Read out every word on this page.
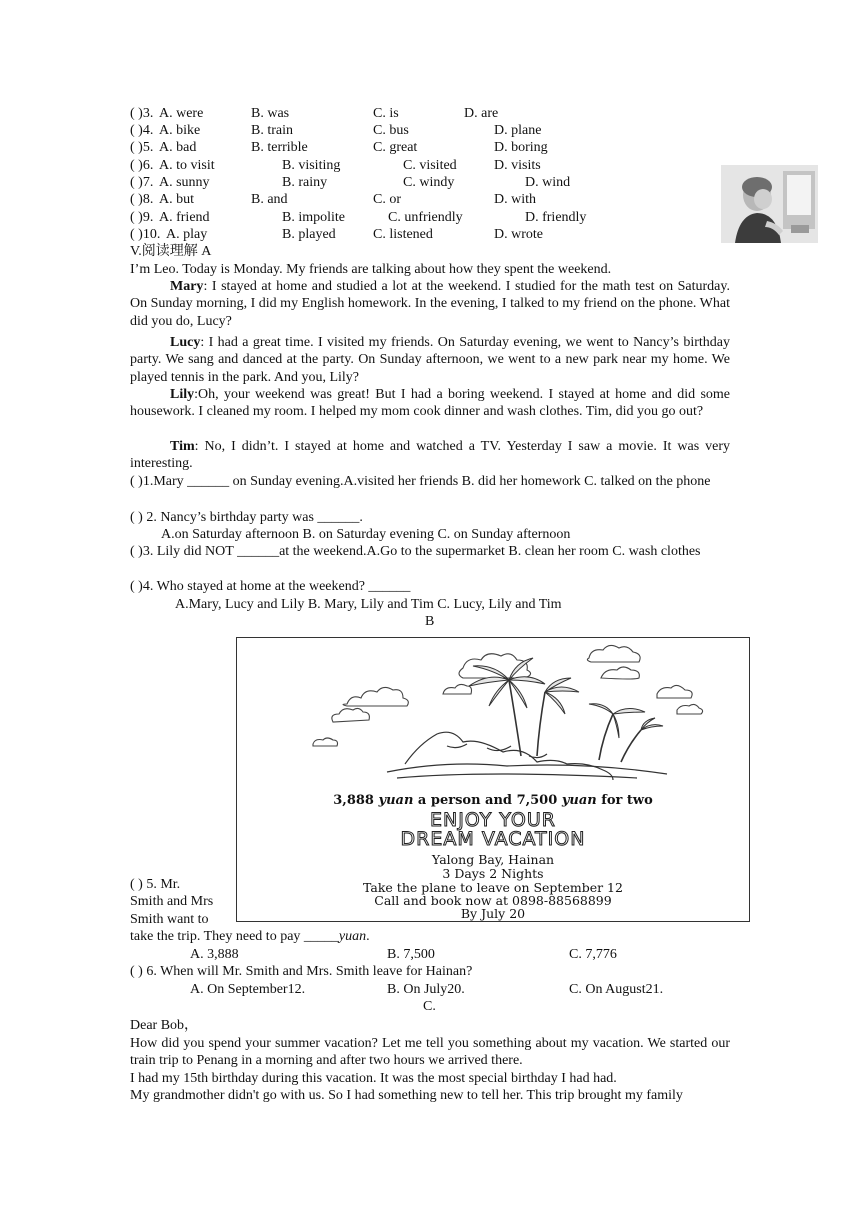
( )3. A. were	B. was	C. is	D. are
( )4. A. bike	B. train	C. bus	D. plane
( )5. A. bad	B. terrible	C. great	D. boring
( )6. A. to visit	B. visiting	C. visited	D. visits
( )7. A. sunny	B. rainy	C. windy	D. wind
( )8. A. but	B. and	C. or	D. with
( )9. A. friend	B. impolite	C. unfriendly	D. friendly
( )10. A. play	B. played	C. listened	D. wrote
V.阅读理解 A
I’m Leo. Today is Monday. My friends are talking about how they spent the weekend.
Mary: I stayed at home and studied a lot at the weekend. I studied for the math test on Saturday. On Sunday morning, I did my English homework. In the evening, I talked to my friend on the phone. What did you do, Lucy?
Lucy: I had a great time. I visited my friends. On Saturday evening, we went to Nancy’s birthday party. We sang and danced at the party. On Sunday afternoon, we went to a new park near my home. We played tennis in the park. And you, Lily?
Lily:Oh, your weekend was great! But I had a boring weekend. I stayed at home and did some housework. I cleaned my room. I helped my mom cook dinner and wash clothes. Tim, did you go out?
Tim: No, I didn’t. I stayed at home and watched a TV. Yesterday I saw a movie. It was very interesting.
( )1.Mary ______ on Sunday evening.A.visited her friends B. did her homework C. talked on the phone
( ) 2. Nancy’s birthday party was ______.
A.on Saturday afternoon B. on Saturday evening C. on Sunday afternoon
( )3. Lily did NOT ______at the weekend.A.Go to the supermarket B. clean her room C. wash clothes
( )4. Who stayed at home at the weekend? ______
A.Mary, Lucy and Lily B. Mary, Lily and Tim C. Lucy, Lily and Tim
B
3,888 yuan a person and 7,500 yuan for two
ENJOY YOUR
DREAM VACATION
Yalong Bay, Hainan
3 Days 2 Nights
Take the plane to leave on September 12
Call and book now at 0898-88568899
By July 20
( ) 5. Mr.
Smith and Mrs
Smith want to
take the trip. They need to pay _____yuan.
A. 3,888	B. 7,500	C. 7,776
( ) 6. When will Mr. Smith and Mrs. Smith leave for Hainan?
A. On September12.	B. On July20.	C. On August21.
C.
Dear Bob，
How did you spend your summer vacation? Let me tell you something about my vacation. We started our train trip to Penang in a morning and after two hours we arrived there.
I had my 15th birthday during this vacation. It was the most special birthday I had had.
My grandmother didn't go with us. So I had something new to tell her. This trip brought my family
